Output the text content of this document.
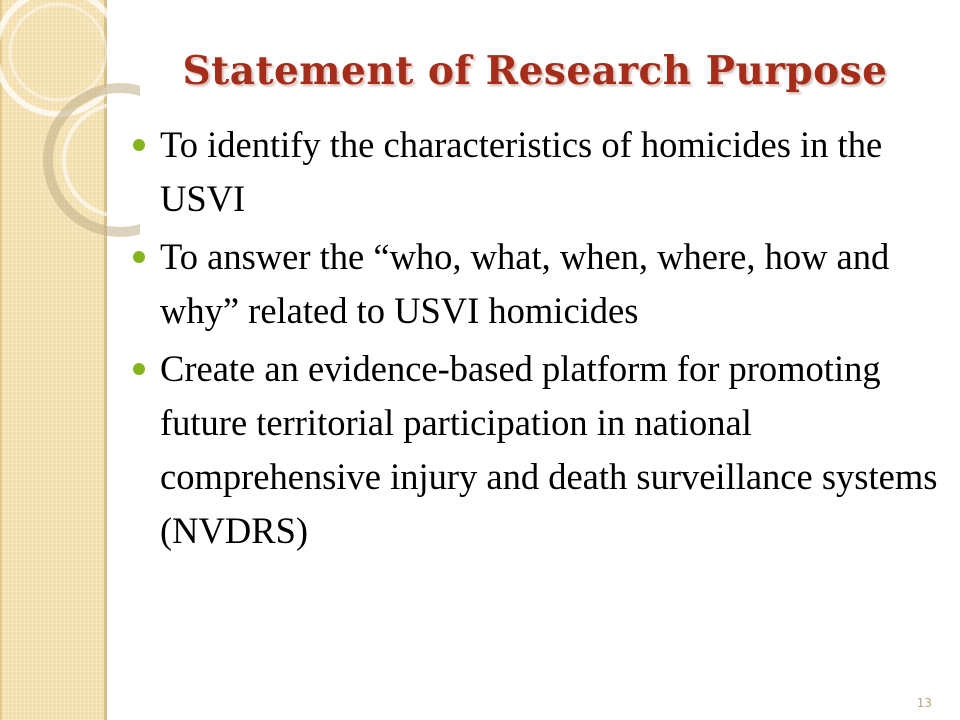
Statement of Research Purpose
To identify the characteristics of homicides in the USVI
To answer the “who, what, when, where, how and why” related to USVI homicides
Create an evidence-based platform for promoting future territorial participation in national comprehensive injury and death surveillance systems (NVDRS)
13
